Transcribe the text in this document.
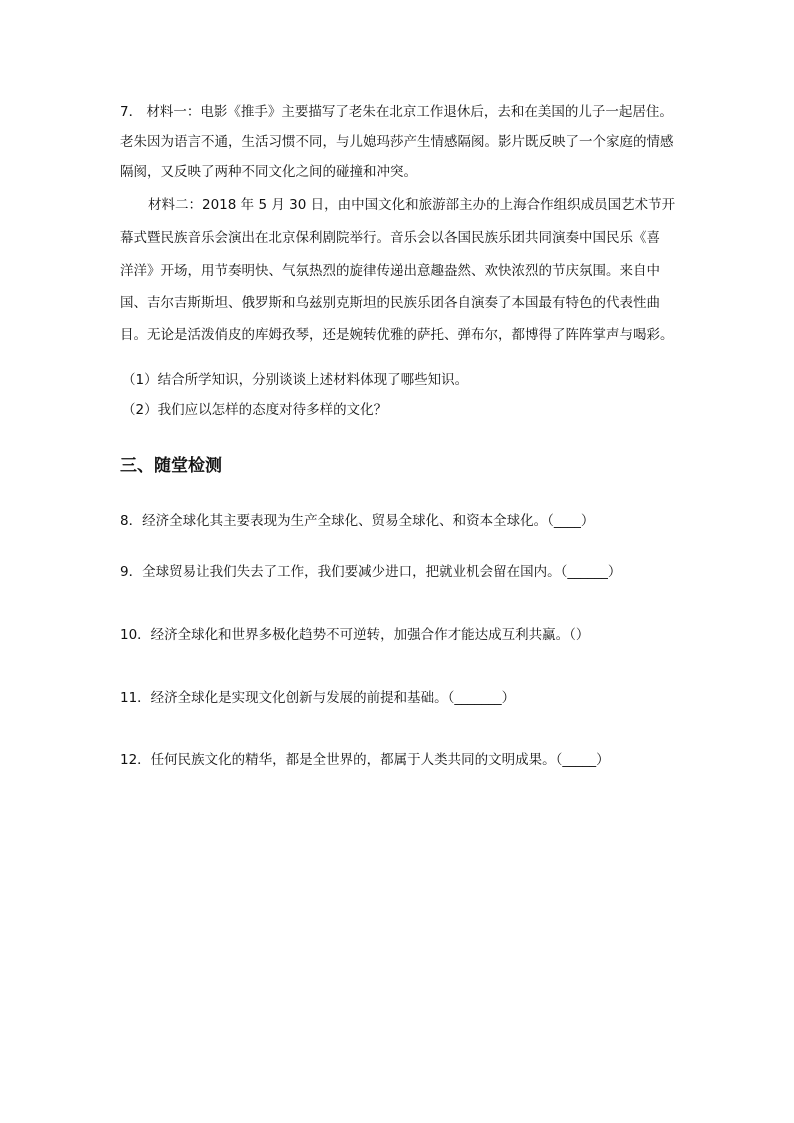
7． 材料一：电影《推手》主要描写了老朱在北京工作退休后，去和在美国的儿子一起居住。
老朱因为语言不通，生活习惯不同，与儿媳玛莎产生情感隔阂。影片既反映了一个家庭的情感
隔阂，又反映了两种不同文化之间的碰撞和冲突。
材料二：2018 年 5 月 30 日，由中国文化和旅游部主办的上海合作组织成员国艺术节开
幕式暨民族音乐会演出在北京保利剧院举行。音乐会以各国民族乐团共同演奏中国民乐《喜
洋洋》开场，用节奏明快、气氛热烈的旋律传递出意趣盎然、欢快浓烈的节庆氛围。来自中
国、吉尔吉斯斯坦、俄罗斯和乌兹别克斯坦的民族乐团各自演奏了本国最有特色的代表性曲
目。无论是活泼俏皮的库姆孜琴，还是婉转优雅的萨托、弹布尔，都博得了阵阵掌声与喝彩。
（1）结合所学知识，分别谈谈上述材料体现了哪些知识。
（2）我们应以怎样的态度对待多样的文化？
三、随堂检测
8．经济全球化其主要表现为生产全球化、贸易全球化、和资本全球化。（____）
9．全球贸易让我们失去了工作，我们要减少进口，把就业机会留在国内。（______）
10．经济全球化和世界多极化趋势不可逆转，加强合作才能达成互利共赢。（）
11．经济全球化是实现文化创新与发展的前提和基础。（_______）
12．任何民族文化的精华，都是全世界的，都属于人类共同的文明成果。（_____）
